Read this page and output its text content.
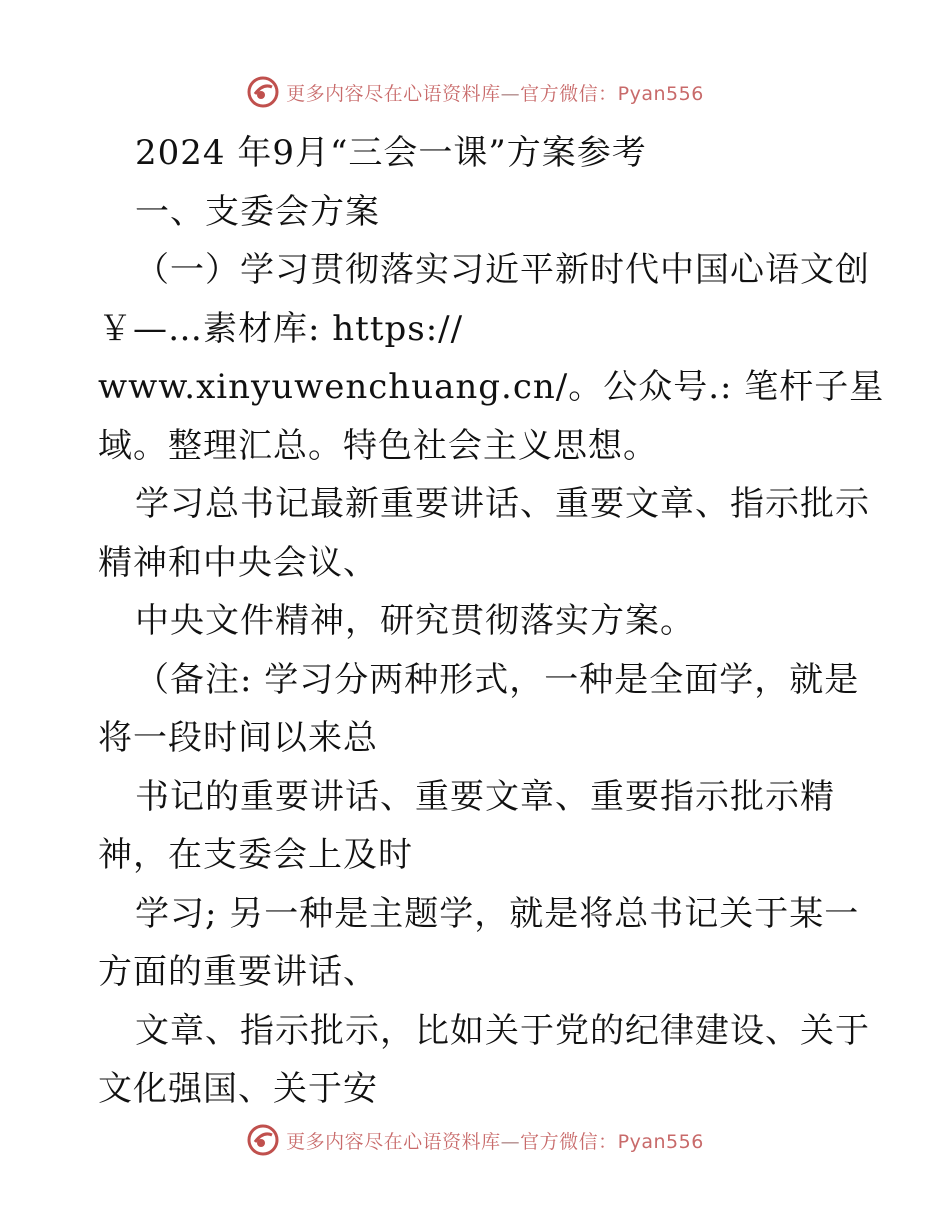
更多内容尽在心语资料库—官方微信：Pyan556
2024 年9月“三会一课”方案参考
一、支委会方案
（一）学习贯彻落实习近平新时代中国心语文创
￥—…素材库: https://
www.xinyuwenchuang.cn/。公众号.: 笔杆子星
域。整理汇总。特色社会主义思想。
学习总书记最新重要讲话、重要文章、指示批示
精神和中央会议、
中央文件精神，研究贯彻落实方案。
（备注: 学习分两种形式，一种是全面学，就是
将一段时间以来总
书记的重要讲话、重要文章、重要指示批示精
神，在支委会上及时
学习; 另一种是主题学，就是将总书记关于某一
方面的重要讲话、
文章、指示批示，比如关于党的纪律建设、关于
文化强国、关于安
更多内容尽在心语资料库—官方微信：Pyan556
